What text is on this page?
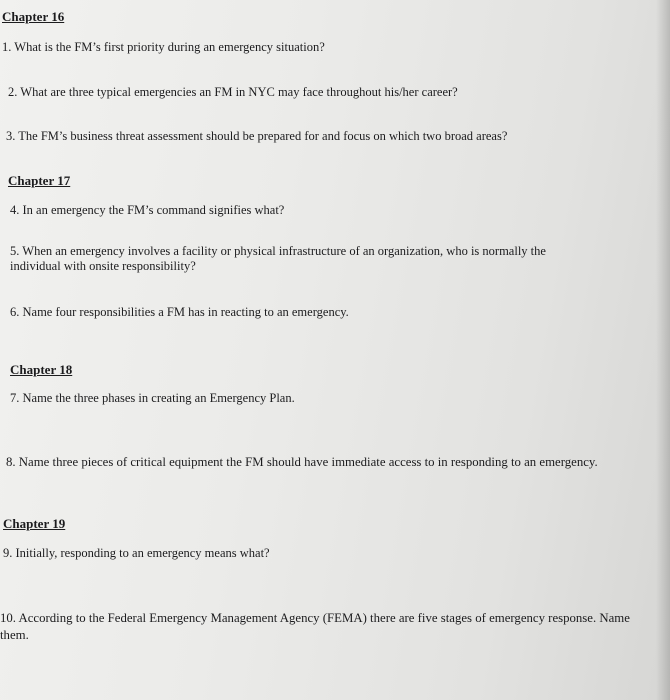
Chapter 16
1. What is the FM’s first priority during an emergency situation?
2. What are three typical emergencies an FM in NYC may face throughout his/her career?
3. The FM’s business threat assessment should be prepared for and focus on which two broad areas?
Chapter 17
4. In an emergency the FM’s command signifies what?
5. When an emergency involves a facility or physical infrastructure of an organization, who is normally the individual with onsite responsibility?
6. Name four responsibilities a FM has in reacting to an emergency.
Chapter 18
7. Name the three phases in creating an Emergency Plan.
8. Name three pieces of critical equipment the FM should have immediate access to in responding to an emergency.
Chapter 19
9. Initially, responding to an emergency means what?
10. According to the Federal Emergency Management Agency (FEMA) there are five stages of emergency response. Name them.
